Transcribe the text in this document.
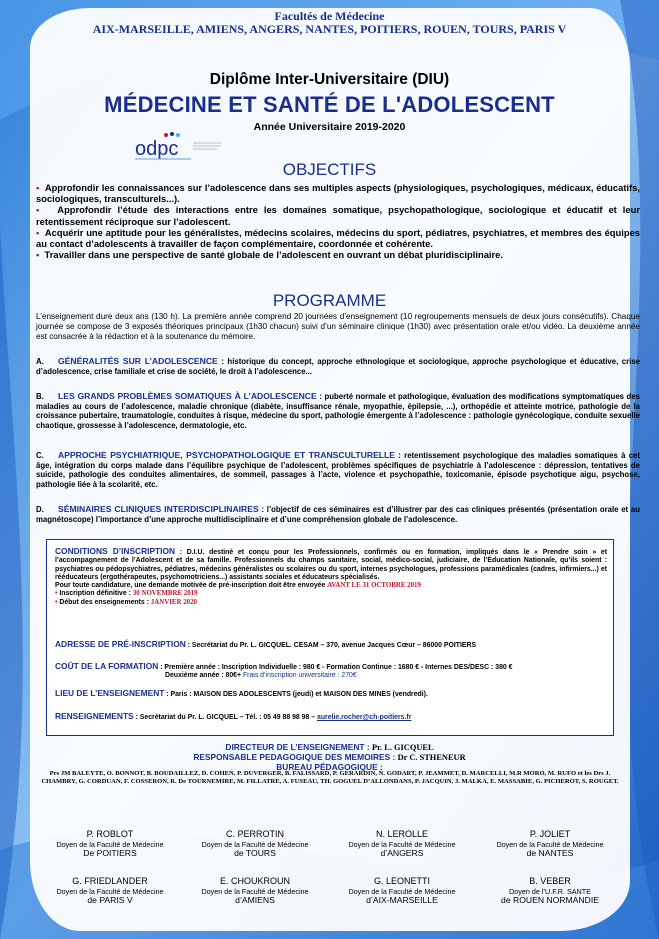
Facultés de Médecine
AIX-MARSEILLE, AMIENS, ANGERS, NANTES, POITIERS, ROUEN, TOURS, PARIS V
Diplôme Inter-Universitaire (DIU)
MÉDECINE ET SANTÉ DE L'ADOLESCENT
Année Universitaire 2019-2020
odpc
OBJECTIFS
• Approfondir les connaissances sur l’adolescence dans ses multiples aspects (physiologiques, psychologiques, médicaux, éducatifs, sociologiques, transculturels...).
• Approfondir l’étude des interactions entre les domaines somatique, psychopathologique, sociologique et éducatif et leur retentissement réciproque sur l’adolescent.
• Acquérir une aptitude pour les généralistes, médecins scolaires, médecins du sport, pédiatres, psychiatres, et membres des équipes au contact d’adolescents à travailler de façon complémentaire, coordonnée et cohérente.
• Travailler dans une perspective de santé globale de l’adolescent en ouvrant un débat pluridisciplinaire.
PROGRAMME
L’enseignement dure deux ans (130 h). La première année comprend 20 journées d’enseignement (10 regroupements mensuels de deux jours consécutifs). Chaque journée se compose de 3 exposés théoriques principaux (1h30 chacun) suivi d’un séminaire clinique (1h30) avec présentation orale et/ou vidéo. La deuxième année est consacrée à la rédaction et à la soutenance du mémoire.
A. GÉNÉRALITÉS SUR L’ADOLESCENCE : historique du concept, approche ethnologique et sociologique, approche psychologique et éducative, crise d’adolescence, crise familiale et crise de société, le droit à l’adolescence...
B. LES GRANDS PROBLÈMES SOMATIQUES À L’ADOLESCENCE : puberté normale et pathologique, évaluation des modifications symptomatiques des maladies au cours de l’adolescence, maladie chronique (diabète, insuffisance rénale, myopathie, épilepsie, ...), orthopédie et atteinte motrice, pathologie de la croissance pubertaire, traumatologie, conduites à risque, médecine du sport, pathologie émergente à l’adolescence : pathologie gynécologique, conduite sexuelle chaotique, grossesse à l’adolescence, dermatologie, etc.
C. APPROCHE PSYCHIATRIQUE, PSYCHOPATHOLOGIQUE ET TRANSCULTURELLE : retentissement psychologique des maladies somatiques à cet âge, intégration du corps malade dans l’équilibre psychique de l’adolescent, problèmes spécifiques de psychiatrie à l’adolescence : dépression, tentatives de suicide, pathologie des conduites alimentaires, de sommeil, passages à l’acte, violence et psychopathie, toxicomanie, épisode psychotique aigu, psychose, pathologie liée à la scolarité, etc.
D. SÉMINAIRES CLINIQUES INTERDISCIPLINAIRES : l’objectif de ces séminaires est d’illustrer par des cas cliniques présentés (présentation orale et au magnétoscope) l’importance d’une approche multidisciplinaire et d’une compréhension globale de l’adolescence.
CONDITIONS D’INSCRIPTION : D.I.U. destiné et conçu pour les Professionnels, confirmés ou en formation, impliqués dans le « Prendre soin » et l’accompagnement de l’Adolescent et de sa famille. Professionnels du champs sanitaire, social, médico-social, judiciaire, de l’Éducation Nationale, qu’ils soient : psychiatres ou pédopsychiatres, pédiatres, médecins généralistes ou scolaires ou du sport, internes psychologues, professions paramédicales (cadres, infirmiers...) et rééducateurs (ergothérapeutes, psychomotriciens...) assistants sociales et éducateurs spécialisés.
Pour toute candidature, une demande motivée de pré-inscription doit être envoyée AVANT LE 31 OCTOBRE 2019
• Inscription définitive : 30 NOVEMBRE 2019
• Début des enseignements : JANVIER 2020
ADRESSE DE PRÉ-INSCRIPTION : Secrétariat du Pr. L. GICQUEL. CESAM – 370, avenue Jacques Cœur – 86000 POITIERS
COÛT DE LA FORMATION : Première année : Inscription Individuelle : 980 € - Formation Continue : 1680 € - Internes DES/DESC : 380 €
Deuxième année : 80€+ Frais d’inscription universitaire : 270€
LIEU DE L’ENSEIGNEMENT : Paris : MAISON DES ADOLESCENTS (jeudi) et MAISON DES MINES (vendredi).
RENSEIGNEMENTS : Secrétariat du Pr. L. GICQUEL – Tél. : 05 49 88 98 98 – aurelie.rocher@ch-poitiers.fr
DIRECTEUR DE L’ENSEIGNEMENT : Pr. L. GICQUEL
RESPONSABLE PEDAGOGIQUE DES MEMOIRES : Dr C. STHENEUR
BUREAU PÉDAGOGIQUE :
Prs JM BALEYTE, O. BONNOT, B. BOUDAILLEZ, D. COHEN, P. DUVERGER, B. FALISSARD, P. GERARDIN, N. GODART, P. JEAMMET, D. MARCELLI, M.R MORO, M. RUFO et les Drs J. CHAMBRY, G. CORDUAN, F. COSSERON, R. De TOURNEMIRE, M. FILLATRE, A. FUSEAU, TH. GOGUEL D’ALLONDANS, P. JACQUIN, J. MALKA, E. MASSABIE, G. PICHEROT, S. ROUGET.
P. ROBLOT
Doyen de la Faculté de Médecine
De POITIERS
C. PERROTIN
Doyen de la Faculté de Médecine
de TOURS
N. LEROLLE
Doyen de la Faculté de Médecine
d’ANGERS
P. JOLIET
Doyen de la Faculté de Médecine
de NANTES
G. FRIEDLANDER
Doyen de la Faculté de Médecine
de PARIS V
E. CHOUKROUN
Doyen de la Faculté de Médecine
d’AMIENS
G. LEONETTI
Doyen de la Faculté de Médecine
d’AIX-MARSEILLE
B. VEBER
Doyen de l’U.F.R. SANTE
de ROUEN NORMANDIE
